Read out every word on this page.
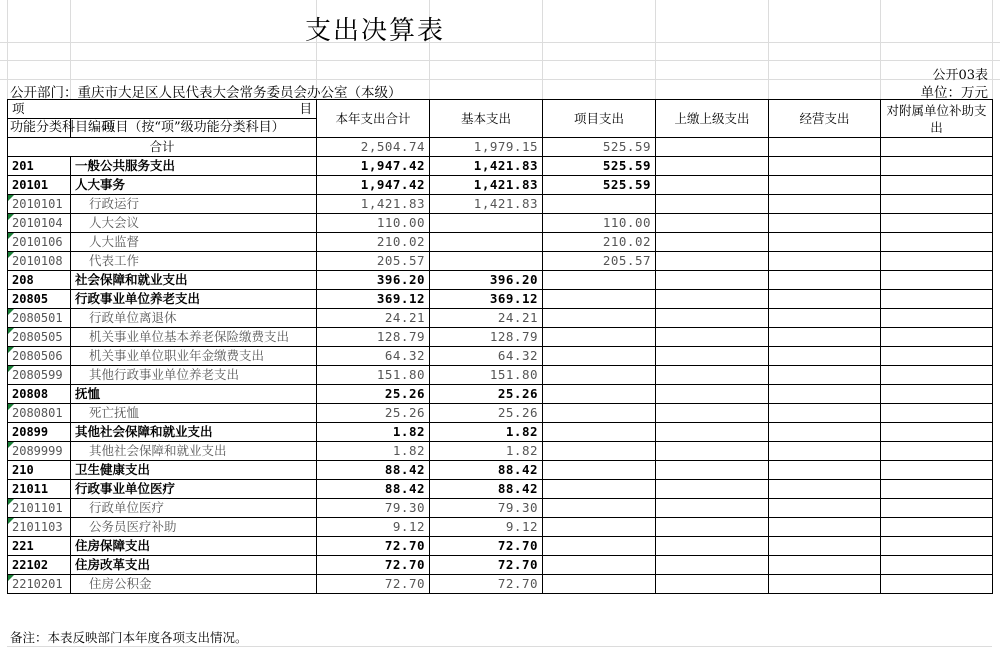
支出决算表
公开03表
公开部门：重庆市大足区人民代表大会常务委员会办公室（本级）	单位：万元
项 目		本年支出合计	基本支出	项目支出	上缴上级支出	经营支出	对附属单位补助支出
功能分类科目编码	项目（按“项”级功能分类科目）						
合计		2,504.74	1,979.15	525.59			
201	一般公共服务支出	1,947.42	1,421.83	525.59			
20101	人大事务	1,947.42	1,421.83	525.59			
2010101	行政运行	1,421.83	1,421.83				
2010104	人大会议	110.00		110.00			
2010106	人大监督	210.02		210.02			
2010108	代表工作	205.57		205.57			
208	社会保障和就业支出	396.20	396.20				
20805	行政事业单位养老支出	369.12	369.12				
2080501	行政单位离退休	24.21	24.21				
2080505	机关事业单位基本养老保险缴费支出	128.79	128.79				
2080506	机关事业单位职业年金缴费支出	64.32	64.32				
2080599	其他行政事业单位养老支出	151.80	151.80				
20808	抚恤	25.26	25.26				
2080801	死亡抚恤	25.26	25.26				
20899	其他社会保障和就业支出	1.82	1.82				
2089999	其他社会保障和就业支出	1.82	1.82				
210	卫生健康支出	88.42	88.42				
21011	行政事业单位医疗	88.42	88.42				
2101101	行政单位医疗	79.30	79.30				
2101103	公务员医疗补助	9.12	9.12				
221	住房保障支出	72.70	72.70				
22102	住房改革支出	72.70	72.70				
2210201	住房公积金	72.70	72.70				
备注：本表反映部门本年度各项支出情况。
